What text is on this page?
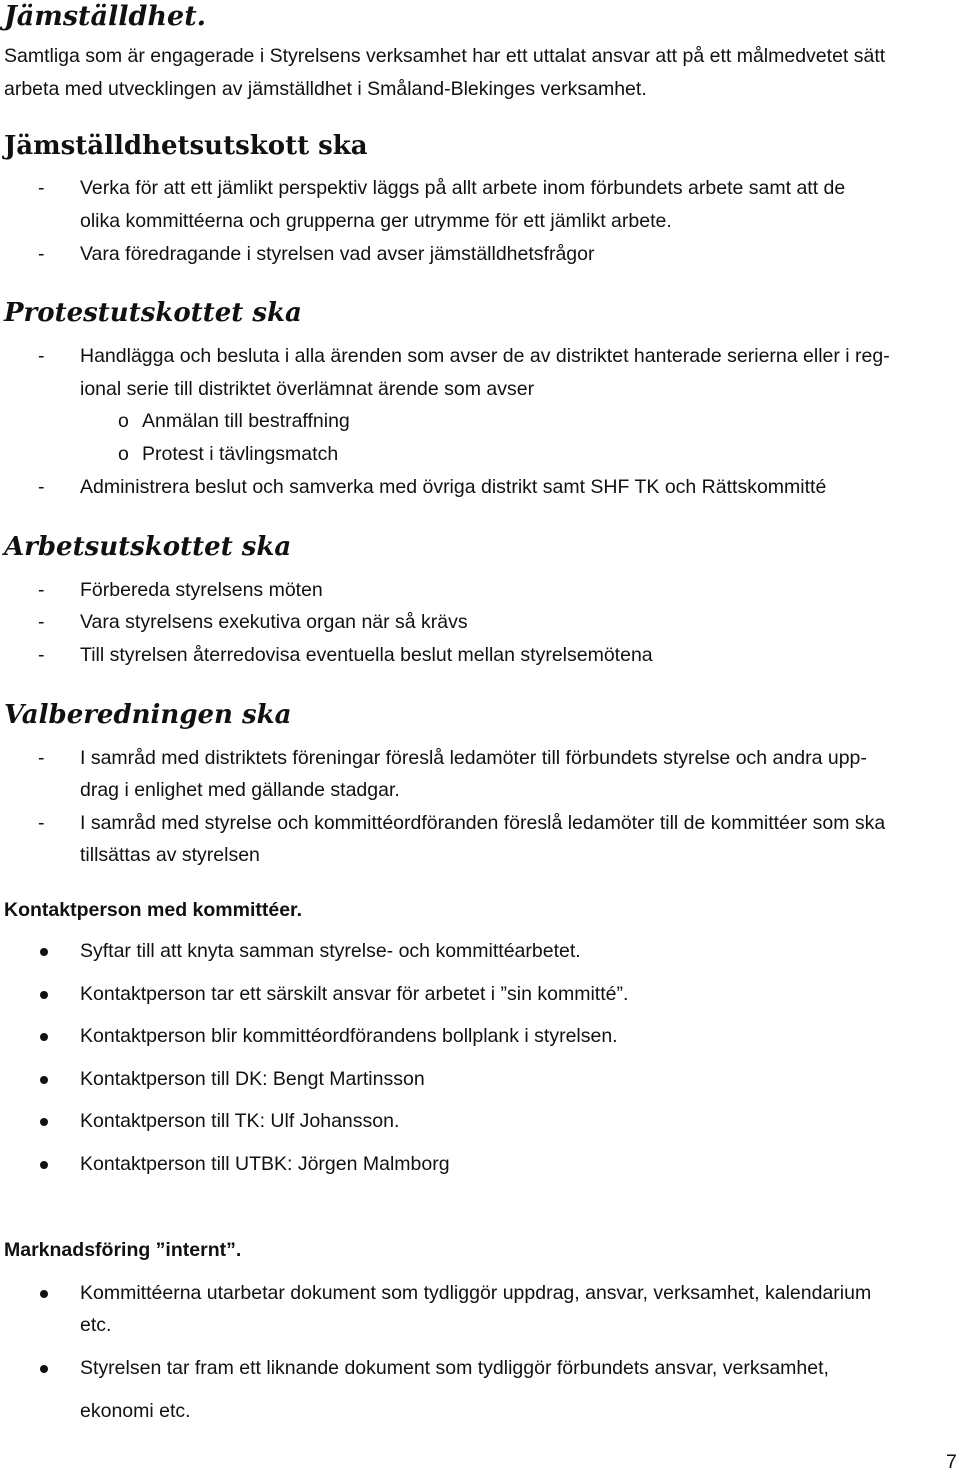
Jämställdhet.
Samtliga som är engagerade i Styrelsens verksamhet har ett uttalat ansvar att på ett målmedvetet sätt
arbeta med utvecklingen av jämställdhet i Småland-Blekinges verksamhet.
Jämställdhetsutskott ska
- Verka för att ett jämlikt perspektiv läggs på allt arbete inom förbundets arbete samt att de
olika kommittéerna och grupperna ger utrymme för ett jämlikt arbete.
- Vara föredragande i styrelsen vad avser jämställdhetsfrågor
Protestutskottet ska
- Handlägga och besluta i alla ärenden som avser de av distriktet hanterade serierna eller i reg-
ional serie till distriktet överlämnat ärende som avser
o Anmälan till bestraffning
o Protest i tävlingsmatch
- Administrera beslut och samverka med övriga distrikt samt SHF TK och Rättskommitté
Arbetsutskottet ska
- Förbereda styrelsens möten
- Vara styrelsens exekutiva organ när så krävs
- Till styrelsen återredovisa eventuella beslut mellan styrelsemötena
Valberedningen ska
- I samråd med distriktets föreningar föreslå ledamöter till förbundets styrelse och andra upp-
drag i enlighet med gällande stadgar.
- I samråd med styrelse och kommittéordföranden föreslå ledamöter till de kommittéer som ska
tillsättas av styrelsen
Kontaktperson med kommittéer.
Syftar till att knyta samman styrelse- och kommittéarbetet.
Kontaktperson tar ett särskilt ansvar för arbetet i ”sin kommitté”.
Kontaktperson blir kommittéordförandens bollplank i styrelsen.
Kontaktperson till DK: Bengt Martinsson
Kontaktperson till TK: Ulf Johansson.
Kontaktperson till UTBK: Jörgen Malmborg
Marknadsföring ”internt”.
Kommittéerna utarbetar dokument som tydliggör uppdrag, ansvar, verksamhet, kalendarium
etc.
Styrelsen tar fram ett liknande dokument som tydliggör förbundets ansvar, verksamhet,
ekonomi etc.
7
